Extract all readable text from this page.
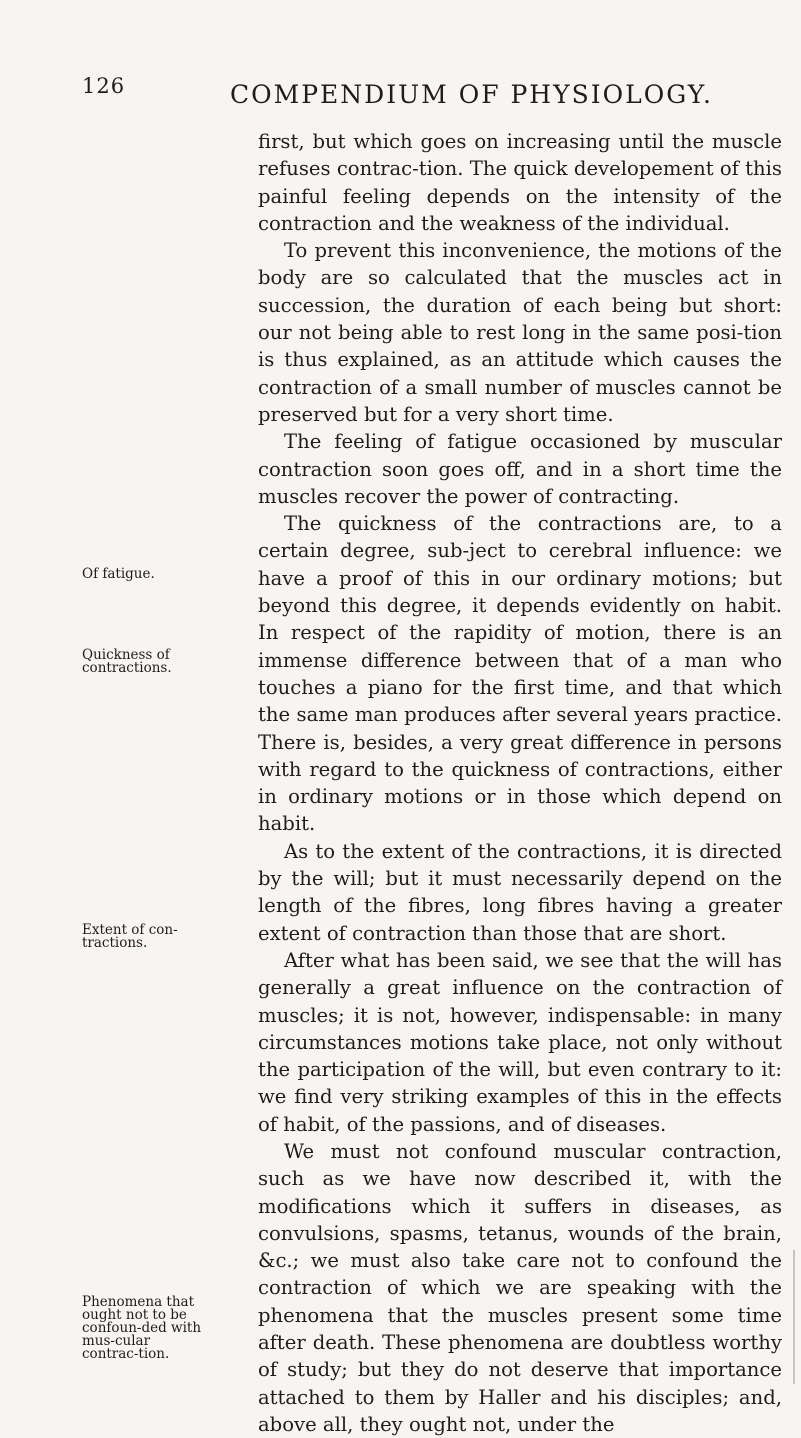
126	COMPENDIUM OF PHYSIOLOGY.
Of fatigue.
Quickness of contractions.
Extent of con-tractions.
Phenomena that ought not to be confoun-ded with mus-cular contrac-tion.

first, but which goes on increasing until the muscle refuses contrac-tion. The quick developement of this painful feeling depends on the intensity of the contraction and the weakness of the individual.

To prevent this inconvenience, the motions of the body are so calculated that the muscles act in succession, the duration of each being but short: our not being able to rest long in the same posi-tion is thus explained, as an attitude which causes the contraction of a small number of muscles cannot be preserved but for a very short time.

The feeling of fatigue occasioned by muscular contraction soon goes off, and in a short time the muscles recover the power of contracting.

The quickness of the contractions are, to a certain degree, sub-ject to cerebral influence: we have a proof of this in our ordinary motions; but beyond this degree, it depends evidently on habit. In respect of the rapidity of motion, there is an immense difference between that of a man who touches a piano for the first time, and that which the same man produces after several years practice. There is, besides, a very great difference in persons with regard to the quickness of contractions, either in ordinary motions or in those which depend on habit.

As to the extent of the contractions, it is directed by the will; but it must necessarily depend on the length of the fibres, long fibres having a greater extent of contraction than those that are short.

After what has been said, we see that the will has generally a great influence on the contraction of muscles; it is not, however, indispensable: in many circumstances motions take place, not only without the participation of the will, but even contrary to it: we find very striking examples of this in the effects of habit, of the passions, and of diseases.

We must not confound muscular contraction, such as we have now described it, with the modifications which it suffers in diseases, as convulsions, spasms, tetanus, wounds of the brain, &c.; we must also take care not to confound the contraction of which we are speaking with the phenomena that the muscles present some time after death. These phenomena are doubtless worthy of study; but they do not deserve that importance attached to them by Haller and his disciples; and, above all, they ought not, under the
